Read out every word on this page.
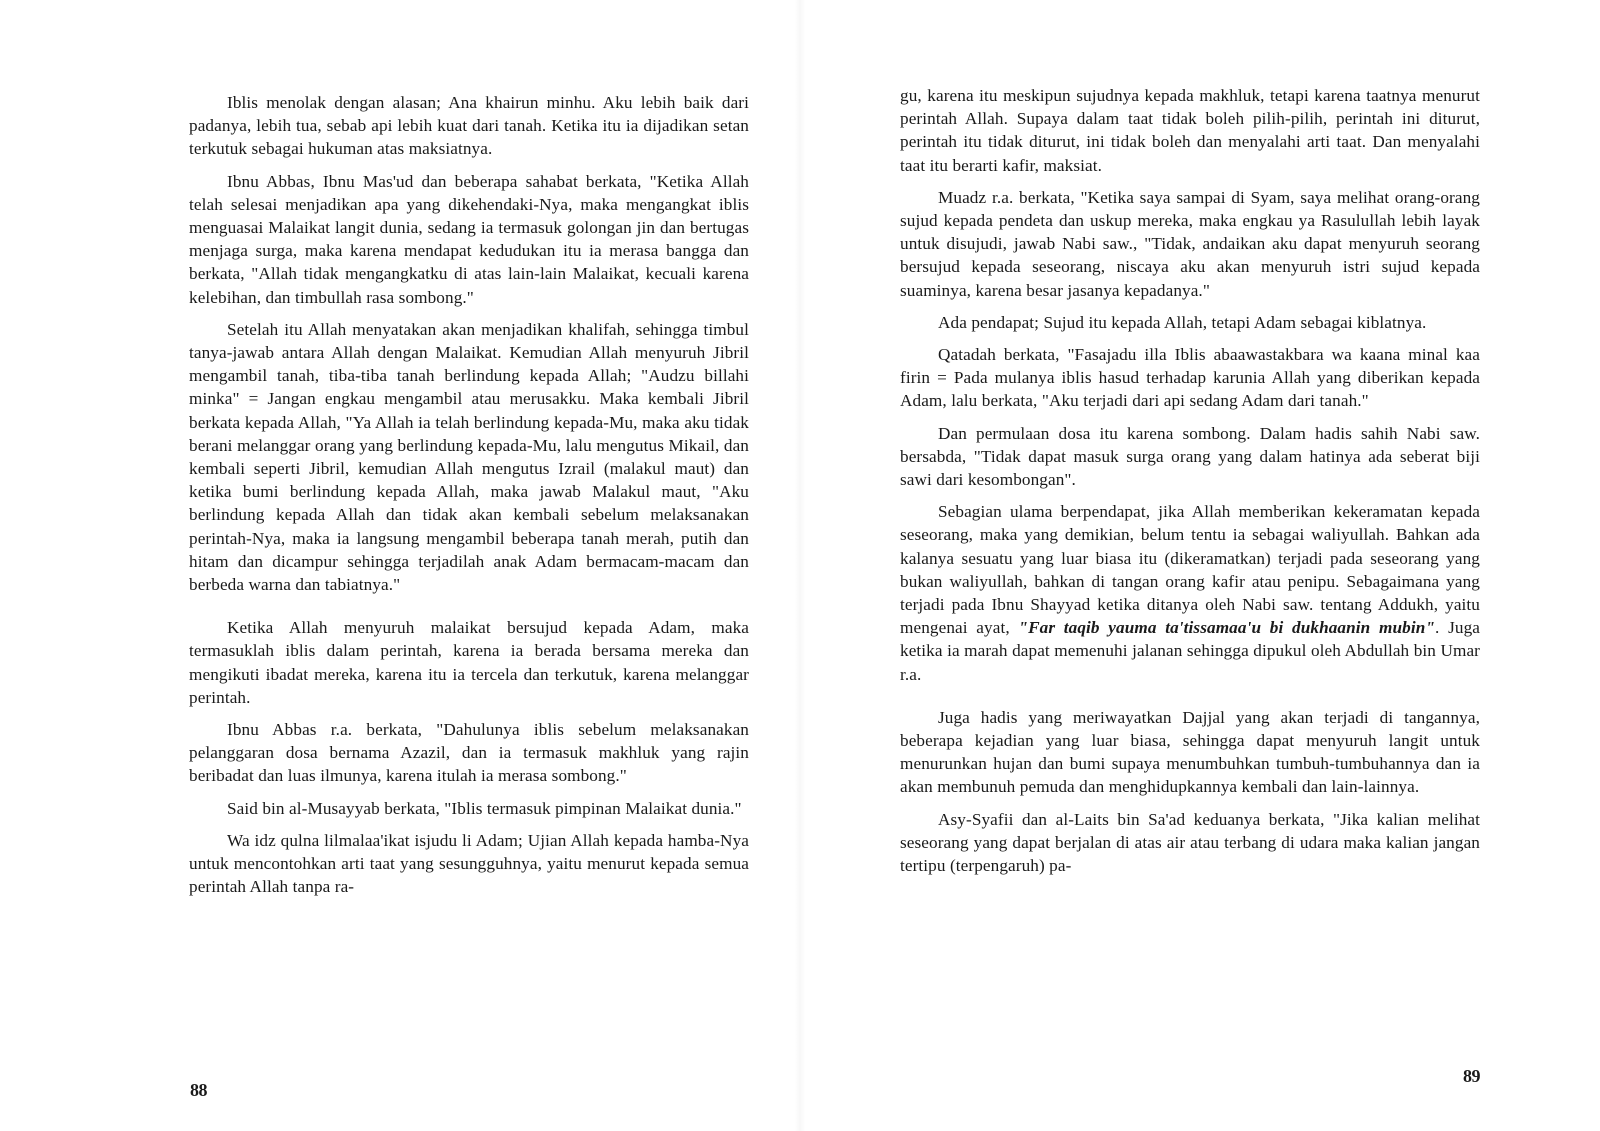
Iblis menolak dengan alasan; Ana khairun minhu. Aku lebih baik dari padanya, lebih tua, sebab api lebih kuat dari tanah. Ketika itu ia dijadikan setan terkutuk sebagai hukuman atas maksiatnya.

Ibnu Abbas, Ibnu Mas'ud dan beberapa sahabat berkata, "Ketika Allah telah selesai menjadikan apa yang dikehendaki-Nya, maka mengangkat iblis menguasai Malaikat langit dunia, sedang ia termasuk golongan jin dan bertugas menjaga surga, maka karena mendapat kedudukan itu ia merasa bangga dan berkata, "Allah tidak mengangkatku di atas lain-lain Malaikat, kecuali karena kelebihan, dan timbullah rasa sombong."

Setelah itu Allah menyatakan akan menjadikan khalifah, sehingga timbul tanya-jawab antara Allah dengan Malaikat. Kemudian Allah menyuruh Jibril mengambil tanah, tiba-tiba tanah berlindung kepada Allah; "Audzu billahi minka" = Jangan engkau mengambil atau merusakku. Maka kembali Jibril berkata kepada Allah, "Ya Allah ia telah berlindung kepada-Mu, maka aku tidak berani melanggar orang yang berlindung kepada-Mu, lalu mengutus Mikail, dan kembali seperti Jibril, kemudian Allah mengutus Izrail (malakul maut) dan ketika bumi berlindung kepada Allah, maka jawab Malakul maut, "Aku berlindung kepada Allah dan tidak akan kembali sebelum melaksanakan perintah-Nya, maka ia langsung mengambil beberapa tanah merah, putih dan hitam dan dicampur sehingga terjadilah anak Adam bermacam-macam dan berbeda warna dan tabiatnya."

Ketika Allah menyuruh malaikat bersujud kepada Adam, maka termasuklah iblis dalam perintah, karena ia berada bersama mereka dan mengikuti ibadat mereka, karena itu ia tercela dan terkutuk, karena melanggar perintah.

Ibnu Abbas r.a. berkata, "Dahulunya iblis sebelum melaksanakan pelanggaran dosa bernama Azazil, dan ia termasuk makhluk yang rajin beribadat dan luas ilmunya, karena itulah ia merasa sombong."

Said bin al-Musayyab berkata, "Iblis termasuk pimpinan Malaikat dunia."

Wa idz qulna lilmalaa'ikat isjudu li Adam; Ujian Allah kepada hamba-Nya untuk mencontohkan arti taat yang sesungguhnya, yaitu menurut kepada semua perintah Allah tanpa ra-

88

gu, karena itu meskipun sujudnya kepada makhluk, tetapi karena taatnya menurut perintah Allah. Supaya dalam taat tidak boleh pilih-pilih, perintah ini diturut, perintah itu tidak diturut, ini tidak boleh dan menyalahi arti taat. Dan menyalahi taat itu berarti kafir, maksiat.

Muadz r.a. berkata, "Ketika saya sampai di Syam, saya melihat orang-orang sujud kepada pendeta dan uskup mereka, maka engkau ya Rasulullah lebih layak untuk disujudi, jawab Nabi saw., "Tidak, andaikan aku dapat menyuruh seorang bersujud kepada seseorang, niscaya aku akan menyuruh istri sujud kepada suaminya, karena besar jasanya kepadanya."

Ada pendapat; Sujud itu kepada Allah, tetapi Adam sebagai kiblatnya.

Qatadah berkata, "Fasajadu illa Iblis abaawastakbara wa kaana minal kaa firin = Pada mulanya iblis hasud terhadap karunia Allah yang diberikan kepada Adam, lalu berkata, "Aku terjadi dari api sedang Adam dari tanah."

Dan permulaan dosa itu karena sombong. Dalam hadis sahih Nabi saw. bersabda, "Tidak dapat masuk surga orang yang dalam hatinya ada seberat biji sawi dari kesombongan".

Sebagian ulama berpendapat, jika Allah memberikan kekeramatan kepada seseorang, maka yang demikian, belum tentu ia sebagai waliyullah. Bahkan ada kalanya sesuatu yang luar biasa itu (dikeramatkan) terjadi pada seseorang yang bukan waliyullah, bahkan di tangan orang kafir atau penipu. Sebagaimana yang terjadi pada Ibnu Shayyad ketika ditanya oleh Nabi saw. tentang Addukh, yaitu mengenai ayat, "Far taqib yauma ta'tissamaa'u bi dukhaanin mubin". Juga ketika ia marah dapat memenuhi jalanan sehingga dipukul oleh Abdullah bin Umar r.a.

Juga hadis yang meriwayatkan Dajjal yang akan terjadi di tangannya, beberapa kejadian yang luar biasa, sehingga dapat menyuruh langit untuk menurunkan hujan dan bumi supaya menumbuhkan tumbuh-tumbuhannya dan ia akan membunuh pemuda dan menghidupkannya kembali dan lain-lainnya.

Asy-Syafii dan al-Laits bin Sa'ad keduanya berkata, "Jika kalian melihat seseorang yang dapat berjalan di atas air atau terbang di udara maka kalian jangan tertipu (terpengaruh) pa-

89
